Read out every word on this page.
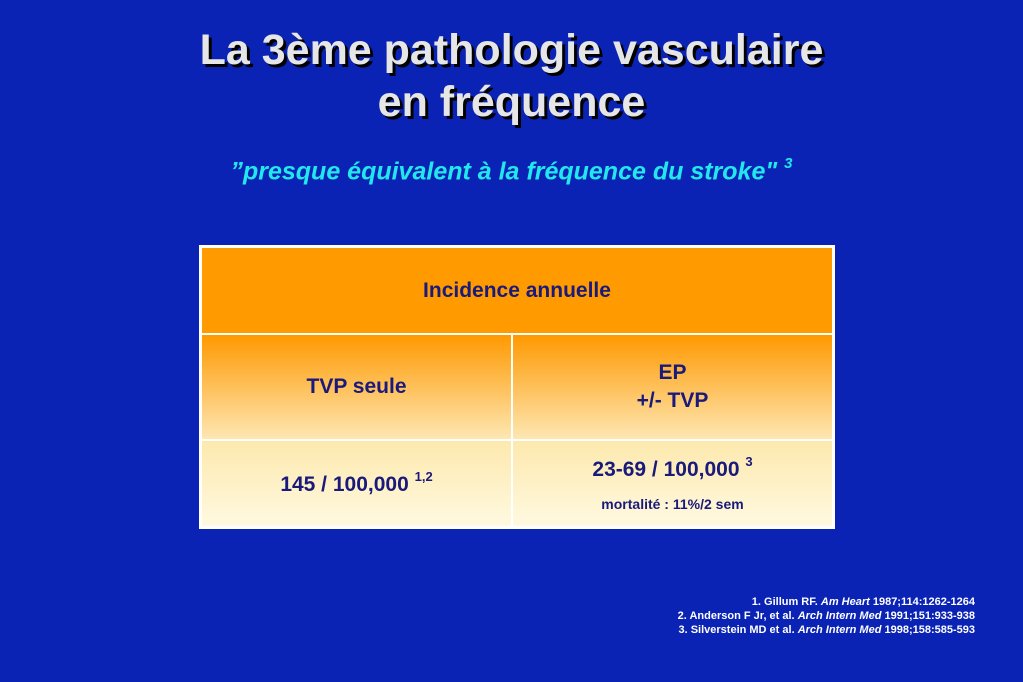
La 3ème pathologie vasculaire
en fréquence
”presque équivalent à la fréquence du stroke" $^3$
Incidence annuelle
TVP seule
EP
+/- TVP
145 / 100,000 $^{1,2}$	23-69 / 100,000 $^3$
mortalité : 11%/2 sem
1. Gillum RF. Am Heart 1987;114:1262-1264
2. Anderson F Jr, et al. Arch Intern Med 1991;151:933-938
3. Silverstein MD et al. Arch Intern Med 1998;158:585-593
